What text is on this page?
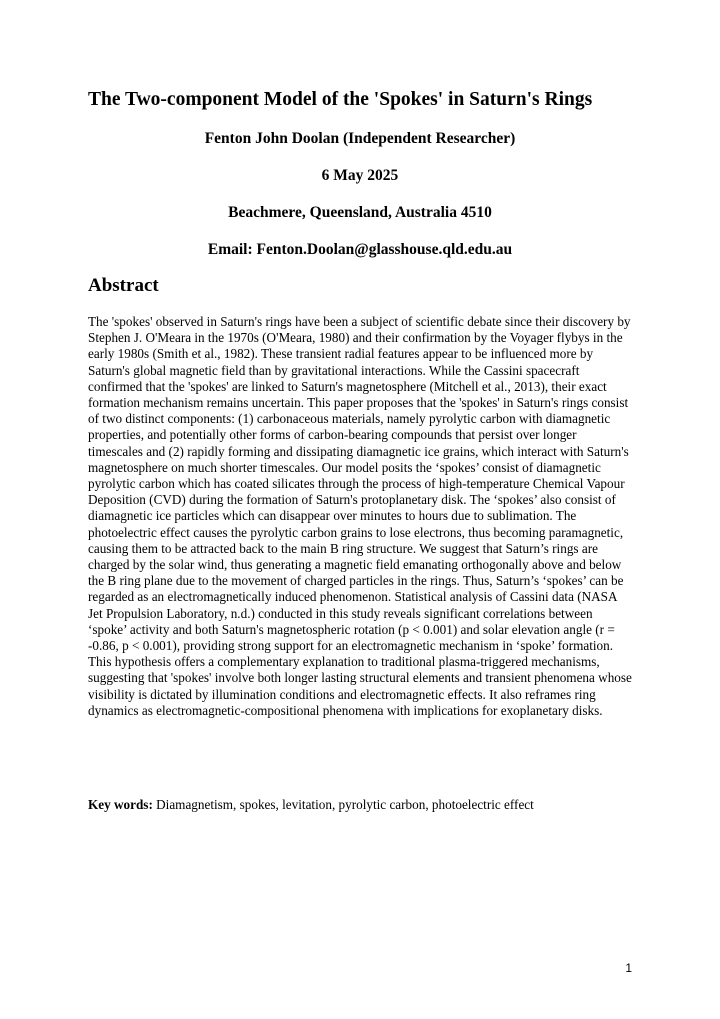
The Two-component Model of the 'Spokes' in Saturn's Rings
Fenton John Doolan (Independent Researcher)
6 May 2025
Beachmere, Queensland, Australia 4510
Email: Fenton.Doolan@glasshouse.qld.edu.au
Abstract

The 'spokes' observed in Saturn's rings have been a subject of scientific debate since their discovery by Stephen J. O'Meara in the 1970s (O'Meara, 1980) and their confirmation by the Voyager flybys in the early 1980s (Smith et al., 1982). These transient radial features appear to be influenced more by Saturn's global magnetic field than by gravitational interactions. While the Cassini spacecraft confirmed that the 'spokes' are linked to Saturn's magnetosphere (Mitchell et al., 2013), their exact formation mechanism remains uncertain. This paper proposes that the 'spokes' in Saturn's rings consist of two distinct components: (1) carbonaceous materials, namely pyrolytic carbon with diamagnetic properties, and potentially other forms of carbon-bearing compounds that persist over longer timescales and (2) rapidly forming and dissipating diamagnetic ice grains, which interact with Saturn's magnetosphere on much shorter timescales. Our model posits the ‘spokes’ consist of diamagnetic pyrolytic carbon which has coated silicates through the process of high-temperature Chemical Vapour Deposition (CVD) during the formation of Saturn's protoplanetary disk. The ‘spokes’ also consist of diamagnetic ice particles which can disappear over minutes to hours due to sublimation. The photoelectric effect causes the pyrolytic carbon grains to lose electrons, thus becoming paramagnetic, causing them to be attracted back to the main B ring structure. We suggest that Saturn’s rings are charged by the solar wind, thus generating a magnetic field emanating orthogonally above and below the B ring plane due to the movement of charged particles in the rings. Thus, Saturn’s ‘spokes’ can be regarded as an electromagnetically induced phenomenon. Statistical analysis of Cassini data (NASA Jet Propulsion Laboratory, n.d.) conducted in this study reveals significant correlations between ‘spoke’ activity and both Saturn's magnetospheric rotation (p < 0.001) and solar elevation angle (r = -0.86, p < 0.001), providing strong support for an electromagnetic mechanism in ‘spoke’ formation. This hypothesis offers a complementary explanation to traditional plasma-triggered mechanisms, suggesting that 'spokes' involve both longer lasting structural elements and transient phenomena whose visibility is dictated by illumination conditions and electromagnetic effects. It also reframes ring dynamics as electromagnetic-compositional phenomena with implications for exoplanetary disks.

Key words: Diamagnetism, spokes, levitation, pyrolytic carbon, photoelectric effect

1
